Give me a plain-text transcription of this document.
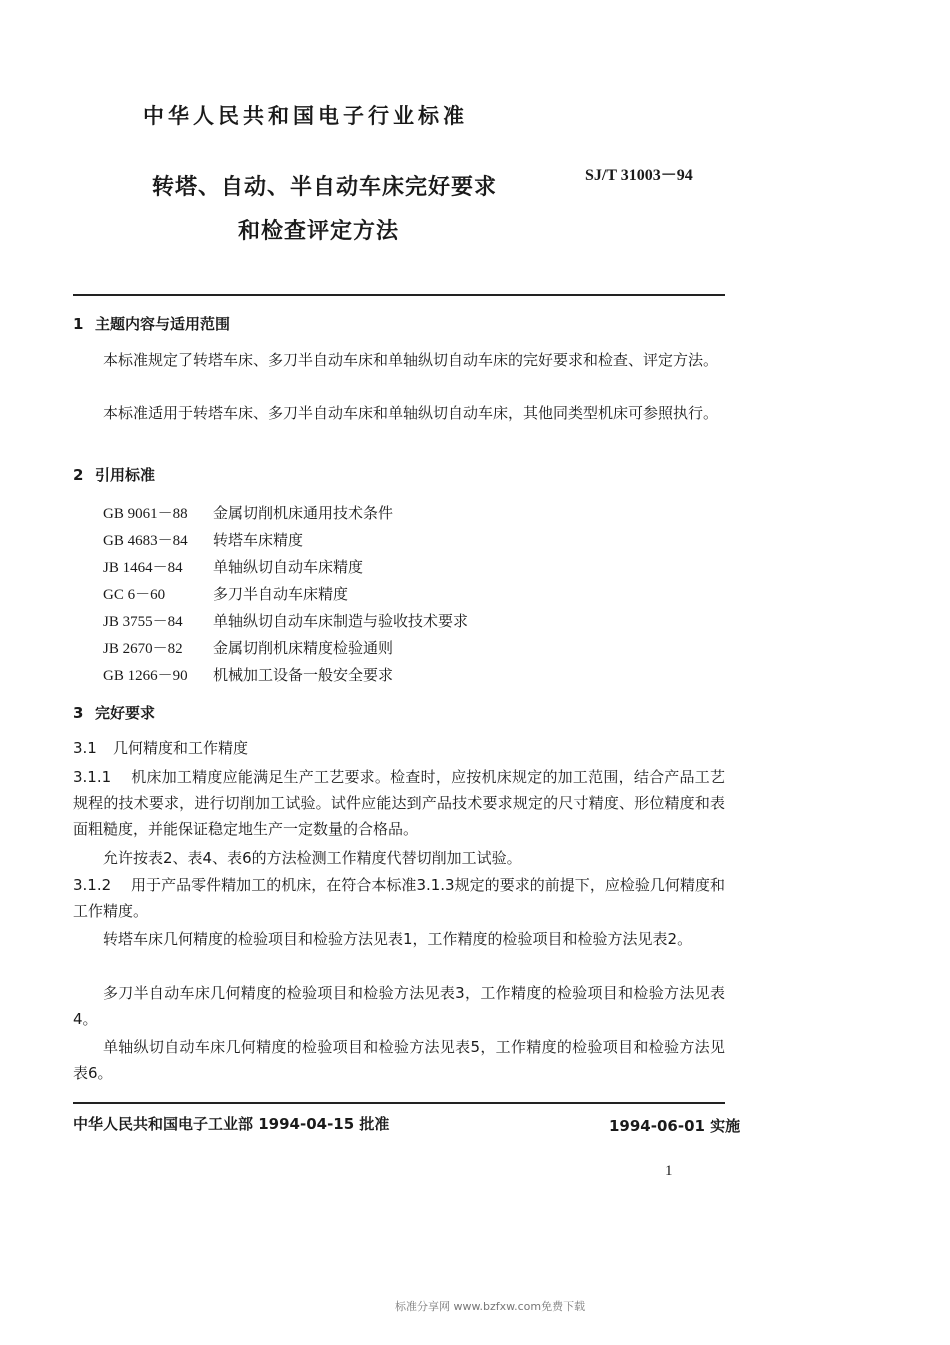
中华人民共和国电子行业标准
转塔、自动、半自动车床完好要求	SJ/T 31003－94
和检查评定方法
1 主题内容与适用范围
本标准规定了转塔车床、多刀半自动车床和单轴纵切自动车床的完好要求和检查、评定方法。
本标准适用于转塔车床、多刀半自动车床和单轴纵切自动车床，其他同类型机床可参照执行。
2 引用标准
GB 9061－88 金属切削机床通用技术条件
GB 4683－84 转塔车床精度
JB 1464－84 单轴纵切自动车床精度
GC 6－60	多刀半自动车床精度
JB 3755－84 单轴纵切自动车床制造与验收技术要求
JB 2670－82 金属切削机床精度检验通则
GB 1266－90 机械加工设备一般安全要求
3 完好要求
3.1 几何精度和工作精度
3.1.1 机床加工精度应能满足生产工艺要求。检查时，应按机床规定的加工范围，结合产品工艺规程的技术要求，进行切削加工试验。试件应能达到产品技术要求规定的尺寸精度、形位精度和表面粗糙度，并能保证稳定地生产一定数量的合格品。
允许按表2、表4、表6的方法检测工作精度代替切削加工试验。
3.1.2 用于产品零件精加工的机床，在符合本标准3.1.3规定的要求的前提下，应检验几何精度和工作精度。
转塔车床几何精度的检验项目和检验方法见表1，工作精度的检验项目和检验方法见表2。
多刀半自动车床几何精度的检验项目和检验方法见表3，工作精度的检验项目和检验方法见表4。
单轴纵切自动车床几何精度的检验项目和检验方法见表5，工作精度的检验项目和检验方法见表6。
中华人民共和国电子工业部 1994-04-15 批准	1994-06-01 实施
1
标准分享网 www.bzfxw.com免费下载
